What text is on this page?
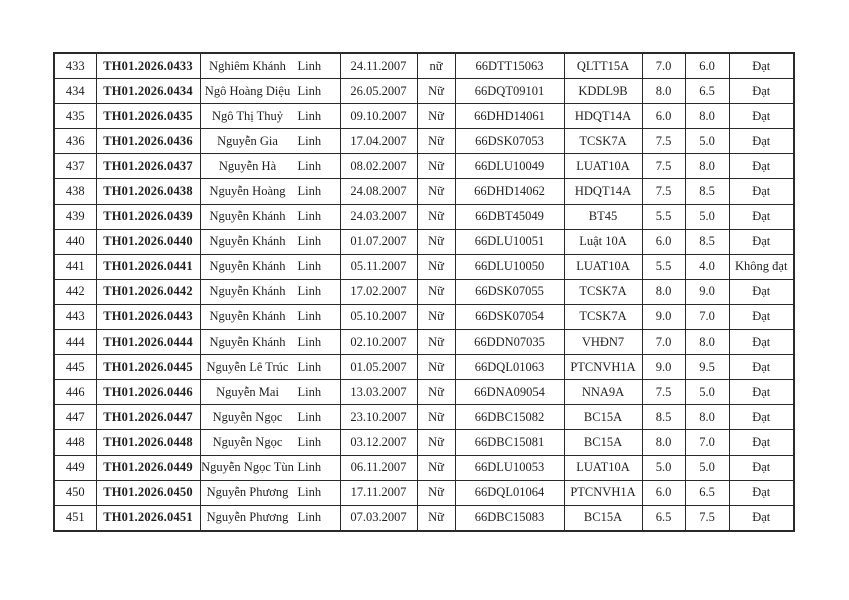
433	TH01.2026.0433	Nghiêm Khánh Linh	24.11.2007	nữ	66DTT15063	QLTT15A	7.0	6.0	Đạt
434	TH01.2026.0434	Ngô Hoàng Diệu Linh	26.05.2007	Nữ	66DQT09101	KDDL9B	8.0	6.5	Đạt
435	TH01.2026.0435	Ngô Thị Thuỷ Linh	09.10.2007	Nữ	66DHD14061	HDQT14A	6.0	8.0	Đạt
436	TH01.2026.0436	Nguyễn Gia Linh	17.04.2007	Nữ	66DSK07053	TCSK7A	7.5	5.0	Đạt
437	TH01.2026.0437	Nguyễn Hà Linh	08.02.2007	Nữ	66DLU10049	LUAT10A	7.5	8.0	Đạt
438	TH01.2026.0438	Nguyễn Hoàng Linh	24.08.2007	Nữ	66DHD14062	HDQT14A	7.5	8.5	Đạt
439	TH01.2026.0439	Nguyễn Khánh Linh	24.03.2007	Nữ	66DBT45049	BT45	5.5	5.0	Đạt
440	TH01.2026.0440	Nguyễn Khánh Linh	01.07.2007	Nữ	66DLU10051	Luật 10A	6.0	8.5	Đạt
441	TH01.2026.0441	Nguyễn Khánh Linh	05.11.2007	Nữ	66DLU10050	LUAT10A	5.5	4.0	Không đạt
442	TH01.2026.0442	Nguyễn Khánh Linh	17.02.2007	Nữ	66DSK07055	TCSK7A	8.0	9.0	Đạt
443	TH01.2026.0443	Nguyễn Khánh Linh	05.10.2007	Nữ	66DSK07054	TCSK7A	9.0	7.0	Đạt
444	TH01.2026.0444	Nguyễn Khánh Linh	02.10.2007	Nữ	66DDN07035	VHĐN7	7.0	8.0	Đạt
445	TH01.2026.0445	Nguyễn Lê Trúc Linh	01.05.2007	Nữ	66DQL01063	PTCNVH1A	9.0	9.5	Đạt
446	TH01.2026.0446	Nguyễn Mai Linh	13.03.2007	Nữ	66DNA09054	NNA9A	7.5	5.0	Đạt
447	TH01.2026.0447	Nguyễn Ngọc Linh	23.10.2007	Nữ	66DBC15082	BC15A	8.5	8.0	Đạt
448	TH01.2026.0448	Nguyễn Ngọc Linh	03.12.2007	Nữ	66DBC15081	BC15A	8.0	7.0	Đạt
449	TH01.2026.0449	Nguyễn Ngọc Tùn Linh	06.11.2007	Nữ	66DLU10053	LUAT10A	5.0	5.0	Đạt
450	TH01.2026.0450	Nguyễn Phương Linh	17.11.2007	Nữ	66DQL01064	PTCNVH1A	6.0	6.5	Đạt
451	TH01.2026.0451	Nguyễn Phương Linh	07.03.2007	Nữ	66DBC15083	BC15A	6.5	7.5	Đạt
